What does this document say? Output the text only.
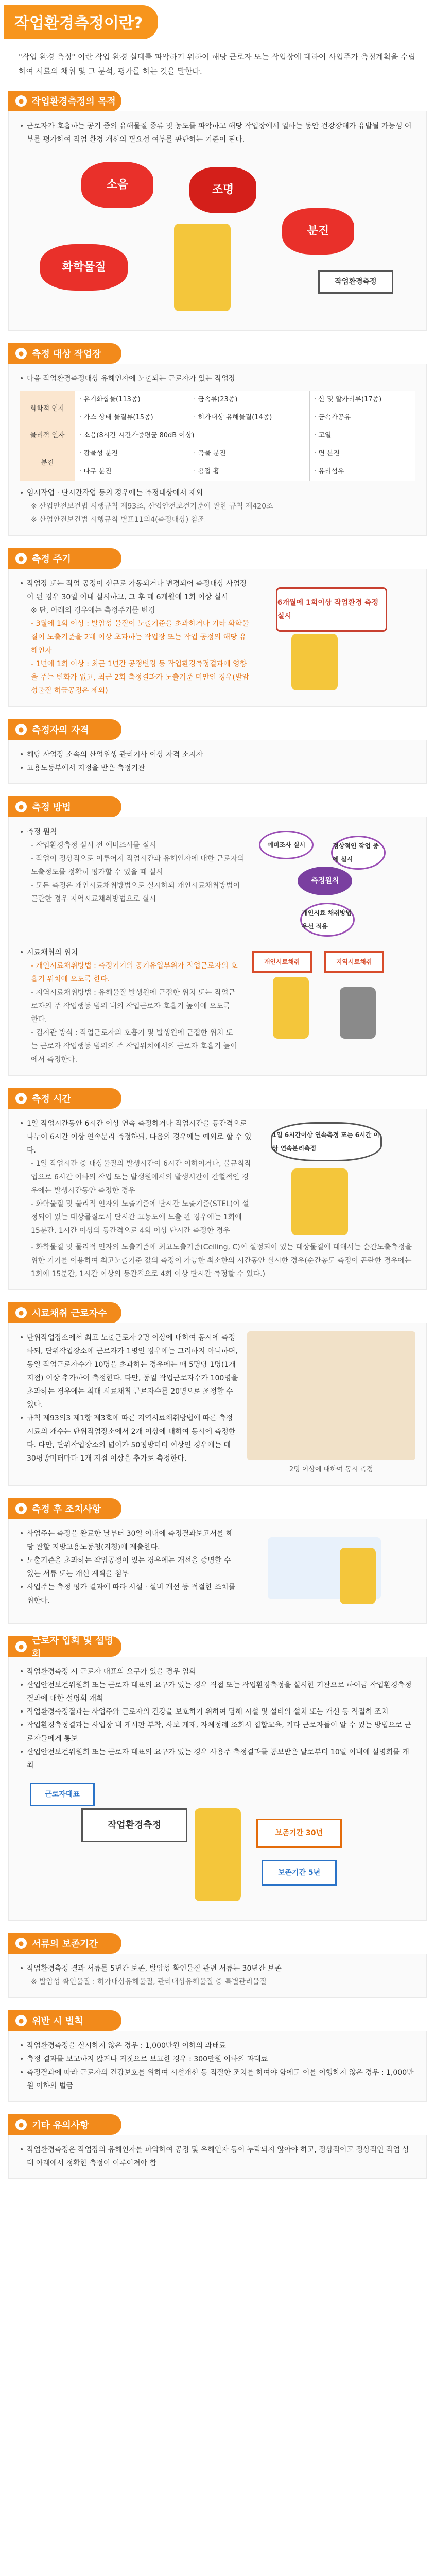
작업환경측정이란?
"작업 환경 측정" 이란 작업 환경 실태를 파악하기 위하여 해당 근로자 또는 작업장에 대하여 사업주가 측정계획을 수립하여 시료의 채취 및 그 분석, 평가를 하는 것을 말한다.
● 작업환경측정의 목적
• 근로자가 호흡하는 공기 중의 유해물질 종류 및 농도를 파악하고 해당 작업장에서 일하는 동안 건강장해가 유발될 가능성 여부를 평가하여 작업 환경 개선의 필요성 여부를 판단하는 기준이 된다.
소음	조명
분진
화학물질
작업환경측정
● 측정 대상 작업장
• 다음 작업환경측정대상 유해인자에 노출되는 근로자가 있는 작업장
화학적 인자	· 유기화합물(113종)	· 금속류(23종)	· 산 및 알카리류(17종)
	· 가스 상태 물질류(15종)	· 허가대상 유해물질(14종)	· 금속가공유
물리적 인자	· 소음(8시간 시간가중평균 80dB 이상)		· 고열
분진	· 광물성 분진	· 곡물 분진	· 면 분진
	· 나무 분진	· 용접 흄	· 유리섬유
• 임시작업 · 단시간작업 등의 경우에는 측정대상에서 제외
※ 산업안전보건법 시행규칙 제93조, 산업안전보건기준에 관한 규칙 제420조
※ 산업안전보건법 시행규칙 별표11의4(측정대상) 참조
● 측정 주기
• 작업장 또는 작업 공정이 신규로 가동되거나 변경되어 측정대상 사업장이 된 경우 30일 이내 실시하고, 그 후 매 6개월에 1회 이상 실시
※ 단, 아래의 경우에는 측정주기를 변경
- 3월에 1회 이상 : 발암성 물질이 노출기준을 초과하거나 기타 화학물질이 노출기준을 2배 이상 초과하는 작업장 또는 작업 공정의 해당 유해인자
- 1년에 1회 이상 : 최근 1년간 공정변경 등 작업환경측정결과에 영향을 주는 변화가 없고, 최근 2회 측정결과가 노출기준 미만인 경우(발암성물질 허금공정은 제외)
6개월에 1회이상 작업환경 측정 실시
● 측정자의 자격
• 해당 사업장 소속의 산업위생 관리기사 이상 자격 소지자
• 고용노동부에서 지정을 받은 측정기관
● 측정 방법
• 측정 원칙
- 작업환경측정 실시 전 예비조사를 실시
- 작업이 정상적으로 이루어져 작업시간과 유해인자에 대한 근로자의 노출정도를 정확히 평가할 수 있을 때 실시
- 모든 측정은 개인시료채취방법으로 실시하되 개인시료채취방법이 곤란한 경우 지역시료채취방법으로 실시
예비조사 실시	정상적인 작업 중에 실시
개인시료 채취방법 우선 적용
측정원칙
• 시료채취의 위치
- 개인시료채취방법 : 측정기기의 공기유입부위가 작업근로자의 호흡기 위치에 오도록 한다.
- 지역시료채취방법 : 유해물질 발생원에 근접한 위치 또는 작업근로자의 주 작업행동 범위 내의 작업근로자 호흡기 높이에 오도록 한다.
- 검지관 방식 : 작업근로자의 호흡기 및 발생원에 근접한 위치 또는 근로자 작업행동 범위의 주 작업위치에서의 근로자 호흡기 높이에서 측정한다.
개인시료채취	지역시료채취
● 측정 시간
• 1일 작업시간동안 6시간 이상 연속 측정하거나 작업시간을 등간격으로 나누어 6시간 이상 연속분리 측정하되, 다음의 경우에는 예외로 할 수 있다.
- 1일 작업시간 중 대상물질의 발생시간이 6시간 이하이거나, 불규칙작업으로 6시간 이하의 작업 또는 발생원에서의 발생시간이 간헐적인 경우에는 발생시간동안 측정한 경우
- 화학물질 및 물리적 인자의 노출기준에 단시간 노출기준(STEL)이 설정되어 있는 대상물질로서 단시간 고농도에 노출 완 경우에는 1회에 15분간, 1시간 이상의 등간격으로 4회 이상 단시간 측정한 경우
1일 6시간이상 연속측정 또는 6시간 이상 연속분리측정
- 화학물질 및 물리적 인자의 노출기준에 최고노출기준(Ceiling, C)이 설정되어 있는 대상물질에 대해서는 순간노출측정을 위한 기기를 이용하여 최고노출기준 값의 측정이 가능한 최소한의 시간동안 실시한 경우(순간농도 측정이 곤란한 경우에는 1회에 15분간, 1시간 이상의 등간격으로 4회 이상 단시간 측정할 수 있다.)
● 시료채취 근로자수
• 단위작업장소에서 최고 노출근로자 2명 이상에 대하여 동시에 측정하되, 단위작업장소에 근로자가 1명인 경우에는 그러하지 아니하며, 동일 작업근로자수가 10명을 초과하는 경우에는 매 5명당 1명(1개 지점) 이상 추가하여 측정한다. 다만, 동일 작업근로자수가 100명을 초과하는 경우에는 최대 시료채취 근로자수를 20명으로 조정할 수 있다.
• 규칙 제93의3 제1항 제3호에 따른 지역시료채취방법에 따른 측정시료의 개수는 단위작업장소에서 2개 이상에 대하여 동시에 측정한다. 다만, 단위작업장소의 넓이가 50평방미터 이상인 경우에는 매 30평방미터마다 1개 지점 이상을 추가로 측정한다.
2명 이상에 대하여 동시 측정
● 측정 후 조치사항
• 사업주는 측정을 완료한 날부터 30일 이내에 측정결과보고서를 해당 관할 지방고용노동청(지청)에 제출한다.
• 노출기준을 초과하는 작업공정이 있는 경우에는 개선을 증명할 수 있는 서류 또는 개선 계획을 첨부
• 사업주는 측정 평가 결과에 따라 시설 · 설비 개선 등 적절한 조치를 취한다.
●
근로자 입회 및 설명회
• 작업환경측정 시 근로자 대표의 요구가 있을 경우 입회
• 산업안전보건위원회 또는 근로자 대표의 요구가 있는 경우 직접 또는 작업환경측정을 실시한 기관으로 하여금 작업환경측정결과에 대한 설명회 개최
• 작업환경측정결과는 사업주와 근로자의 건강을 보호하기 위하여 담해 시설 및 설비의 설치 또는 개선 등 적절히 조치
• 작업환경측정결과는 사업장 내 게시판 부착, 사보 게재, 자체정례 조회시 집합교육, 기타 근로자들이 알 수 있는 방법으로 근로자들에게 통보
• 산업안전보건위원회 또는 근로자 대표의 요구가 있는 경우 사용주 측정결과를 통보받은 날로부터 10일 이내에 설명회를 개최
근로자대표
작업환경측정
보존기간 30년
보존기간 5년
● 서류의 보존기간
• 작업환경측정 결과 서류를 5년간 보존, 발암성 확인물질 관련 서류는 30년간 보존
※ 발암성 확인물질 : 허가대상유해물질, 관리대상유해물질 중 특별관리물질
● 위반 시 벌칙
• 작업환경측정을 실시하지 않은 경우 : 1,000만원 이하의 과태료
• 측정 결과를 보고하지 않거나 거짓으로 보고한 경우 : 300만원 이하의 과태료
• 측정결과에 따라 근로자의 건강보호를 위하여 시설개선 등 적절한 조치를 하여야 함에도 이를 이행하지 않은 경우 : 1,000만원 이하의 벌금
● 기타 유의사항
• 작업환경측정은 작업장의 유해인자를 파악하여 공정 및 유해인자 등이 누락되지 않아야 하고, 정상적이고 정상적인 작업 상태 아래에서 정확한 측정이 이루어져야 함
